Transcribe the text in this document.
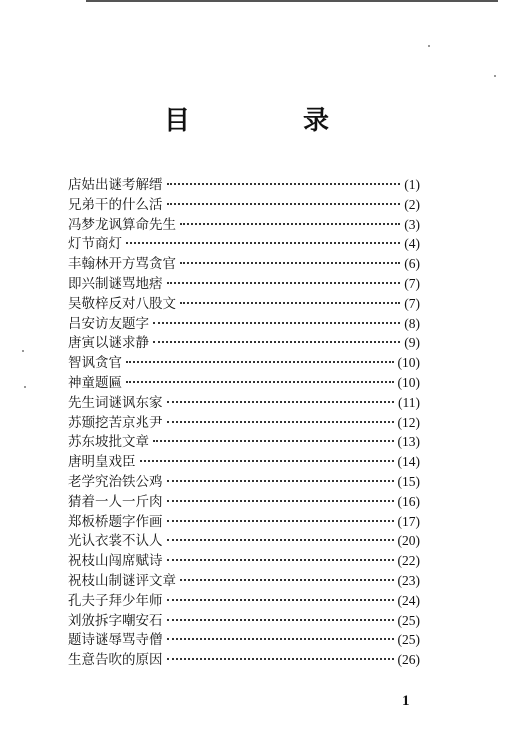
目 录
店姑出谜考解缙	(1)
兄弟干的什么活	(2)
冯梦龙讽算命先生	(3)
灯节商灯	(4)
丰翰林开方骂贪官	(6)
即兴制谜骂地痞	(7)
吴敬梓反对八股文	(7)
吕安访友题字	(8)
唐寅以谜求静	(9)
智讽贪官	(10)
神童题匾	(10)
先生词谜讽东家	(11)
苏颋挖苦京兆尹	(12)
苏东坡批文章	(13)
唐明皇戏臣	(14)
老学究治铁公鸡	(15)
猜着一人一斤肉	(16)
郑板桥题字作画	(17)
光认衣裳不认人	(20)
祝枝山闯席赋诗	(22)
祝枝山制谜评文章	(23)
孔夫子拜少年师	(24)
刘攽拆字嘲安石	(25)
题诗谜辱骂寺僧	(25)
生意告吹的原因	(26)
1
